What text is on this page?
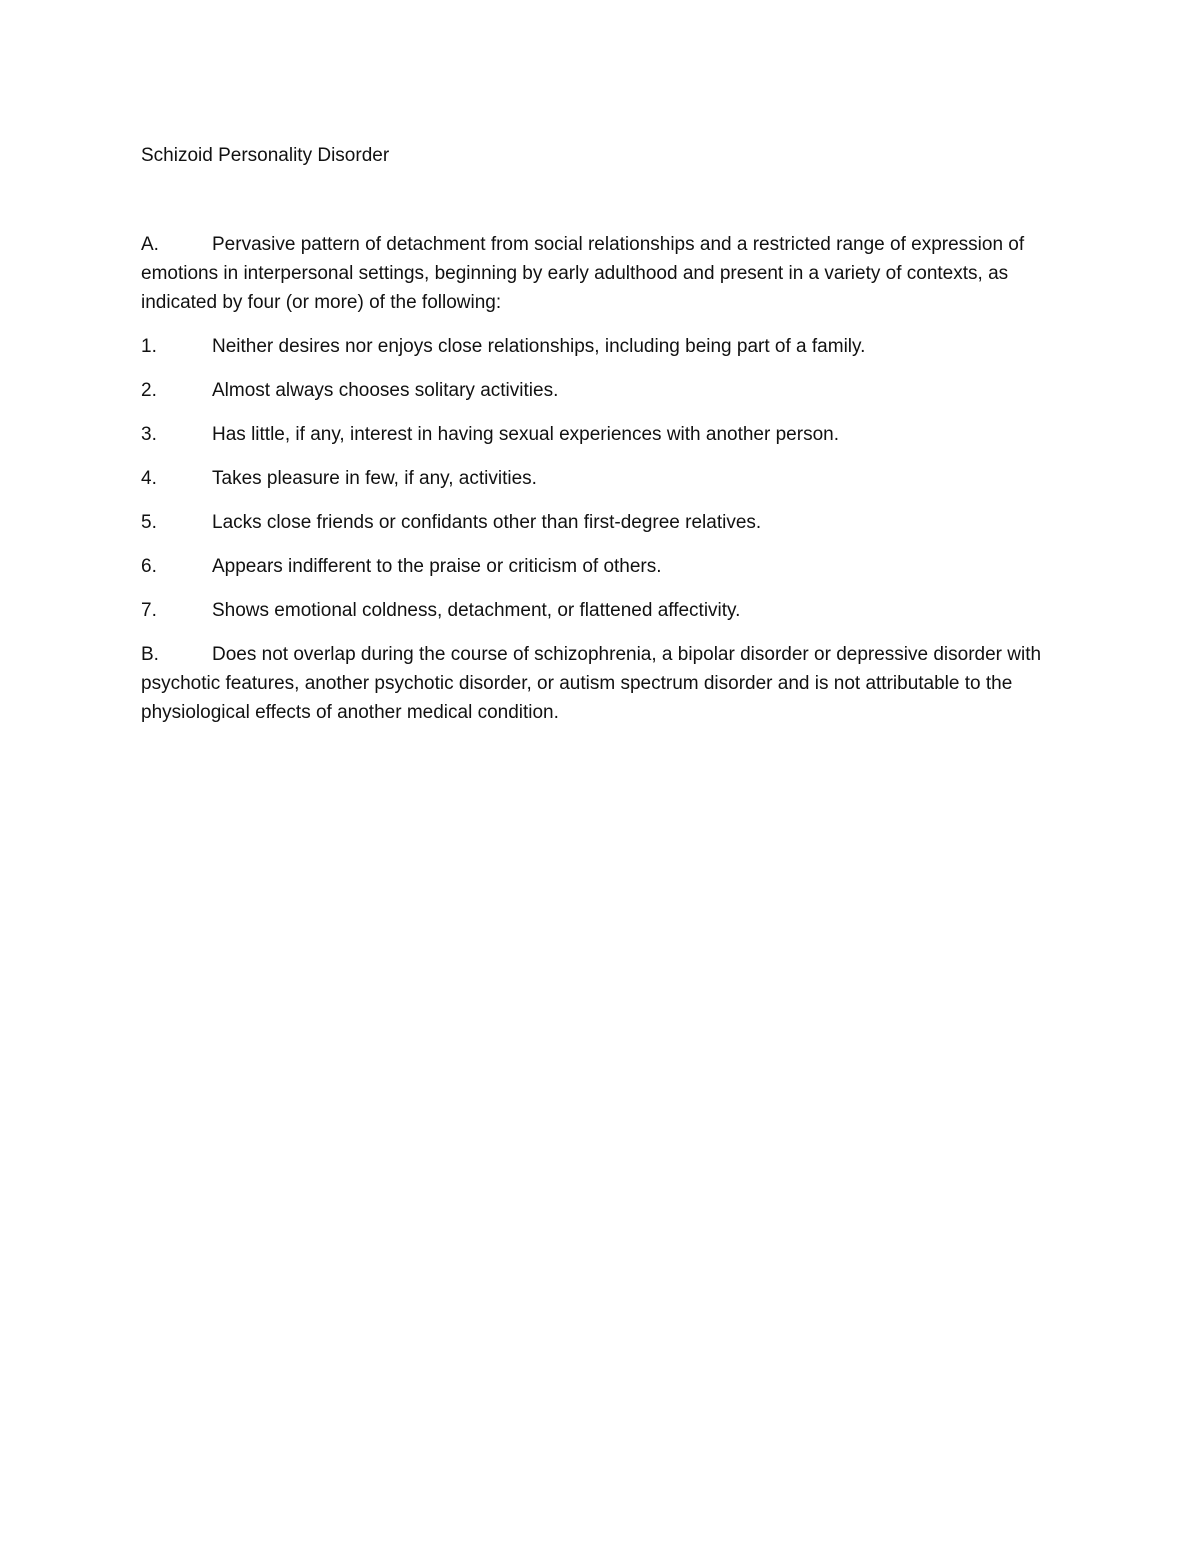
Schizoid Personality Disorder

A.	Pervasive pattern of detachment from social relationships and a restricted range of expression of emotions in interpersonal settings, beginning by early adulthood and present in a variety of contexts, as indicated by four (or more) of the following:

1.	Neither desires nor enjoys close relationships, including being part of a family.

2.	Almost always chooses solitary activities.

3.	Has little, if any, interest in having sexual experiences with another person.

4.	Takes pleasure in few, if any, activities.

5.	Lacks close friends or confidants other than first-degree relatives.

6.	Appears indifferent to the praise or criticism of others.

7.	Shows emotional coldness, detachment, or flattened affectivity.

B.	Does not overlap during the course of schizophrenia, a bipolar disorder or depressive disorder with psychotic features, another psychotic disorder, or autism spectrum disorder and is not attributable to the physiological effects of another medical condition.
